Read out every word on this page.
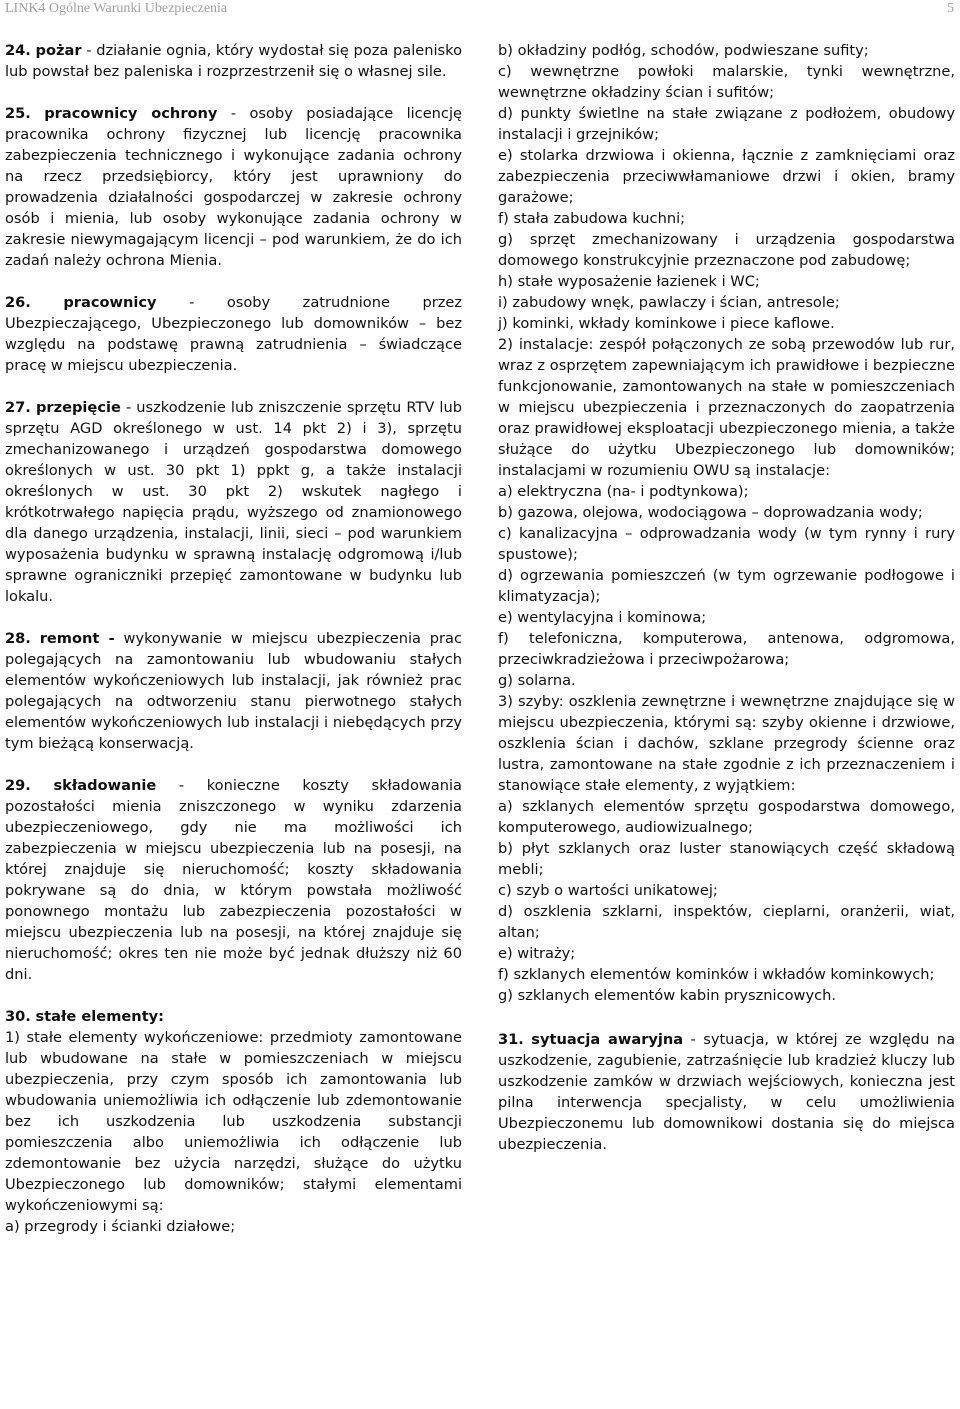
LINK4 Ogólne Warunki Ubezpieczenia	5

24. pożar - działanie ognia, który wydostał się poza palenisko lub powstał bez paleniska i rozprzestrzenił się o własnej sile.

25. pracownicy ochrony - osoby posiadające licencję pracownika ochrony fizycznej lub licencję pracownika zabezpieczenia technicznego i wykonujące zadania ochrony na rzecz przedsiębiorcy, który jest uprawniony do prowadzenia działalności gospodarczej w zakresie ochrony osób i mienia, lub osoby wykonujące zadania ochrony w zakresie niewymagającym licencji – pod warunkiem, że do ich zadań należy ochrona Mienia.

26. pracownicy - osoby zatrudnione przez Ubezpieczającego, Ubezpieczonego lub domowników – bez względu na podstawę prawną zatrudnienia – świadczące pracę w miejscu ubezpieczenia.

27. przepięcie - uszkodzenie lub zniszczenie sprzętu RTV lub sprzętu AGD określonego w ust. 14 pkt 2) i 3), sprzętu zmechanizowanego i urządzeń gospodarstwa domowego określonych w ust. 30 pkt 1) ppkt g, a także instalacji określonych w ust. 30 pkt 2) wskutek nagłego i krótkotrwałego napięcia prądu, wyższego od znamionowego dla danego urządzenia, instalacji, linii, sieci – pod warunkiem wyposażenia budynku w sprawną instalację odgromową i/lub sprawne ograniczniki przepięć zamontowane w budynku lub lokalu.

28. remont - wykonywanie w miejscu ubezpieczenia prac polegających na zamontowaniu lub wbudowaniu stałych elementów wykończeniowych lub instalacji, jak również prac polegających na odtworzeniu stanu pierwotnego stałych elementów wykończeniowych lub instalacji i niebędących przy tym bieżącą konserwacją.

29. składowanie - konieczne koszty składowania pozostałości mienia zniszczonego w wyniku zdarzenia ubezpieczeniowego, gdy nie ma możliwości ich zabezpieczenia w miejscu ubezpieczenia lub na posesji, na której znajduje się nieruchomość; koszty składowania pokrywane są do dnia, w którym powstała możliwość ponownego montażu lub zabezpieczenia pozostałości w miejscu ubezpieczenia lub na posesji, na której znajduje się nieruchomość; okres ten nie może być jednak dłuższy niż 60 dni.

30. stałe elementy:

1) stałe elementy wykończeniowe: przedmioty zamontowane lub wbudowane na stałe w pomieszczeniach w miejscu ubezpieczenia, przy czym sposób ich zamontowania lub wbudowania uniemożliwia ich odłączenie lub zdemontowanie bez ich uszkodzenia lub uszkodzenia substancji pomieszczenia albo uniemożliwia ich odłączenie lub zdemontowanie bez użycia narzędzi, służące do użytku Ubezpieczonego lub domowników; stałymi elementami wykończeniowymi są:

a) przegrody i ścianki działowe;

b) okładziny podłóg, schodów, podwieszane sufity;

c) wewnętrzne powłoki malarskie, tynki wewnętrzne, wewnętrzne okładziny ścian i sufitów;

d) punkty świetlne na stałe związane z podłożem, obudowy instalacji i grzejników;

e) stolarka drzwiowa i okienna, łącznie z zamknięciami oraz zabezpieczenia przeciwwłamaniowe drzwi i okien, bramy garażowe;

f) stała zabudowa kuchni;

g) sprzęt zmechanizowany i urządzenia gospodarstwa domowego konstrukcyjnie przeznaczone pod zabudowę;

h) stałe wyposażenie łazienek i WC;

i) zabudowy wnęk, pawlaczy i ścian, antresole;

j) kominki, wkłady kominkowe i piece kaflowe.

2) instalacje: zespół połączonych ze sobą przewodów lub rur, wraz z osprzętem zapewniającym ich prawidłowe i bezpieczne funkcjonowanie, zamontowanych na stałe w pomieszczeniach w miejscu ubezpieczenia i przeznaczonych do zaopatrzenia oraz prawidłowej eksploatacji ubezpieczonego mienia, a także służące do użytku Ubezpieczonego lub domowników; instalacjami w rozumieniu OWU są instalacje:

a) elektryczna (na- i podtynkowa);

b) gazowa, olejowa, wodociągowa – doprowadzania wody;

c) kanalizacyjna – odprowadzania wody (w tym rynny i rury spustowe);

d) ogrzewania pomieszczeń (w tym ogrzewanie podłogowe i klimatyzacja);

e) wentylacyjna i kominowa;

f) telefoniczna, komputerowa, antenowa, odgromowa, przeciwkradzieżowa i przeciwpożarowa;

g) solarna.

3) szyby: oszklenia zewnętrzne i wewnętrzne znajdujące się w miejscu ubezpieczenia, którymi są: szyby okienne i drzwiowe, oszklenia ścian i dachów, szklane przegrody ścienne oraz lustra, zamontowane na stałe zgodnie z ich przeznaczeniem i stanowiące stałe elementy, z wyjątkiem:

a) szklanych elementów sprzętu gospodarstwa domowego, komputerowego, audiowizualnego;

b) płyt szklanych oraz luster stanowiących część składową mebli;

c) szyb o wartości unikatowej;

d) oszklenia szklarni, inspektów, cieplarni, oranżerii, wiat, altan;

e) witraży;

f) szklanych elementów kominków i wkładów kominkowych;

g) szklanych elementów kabin prysznicowych.

31. sytuacja awaryjna - sytuacja, w której ze względu na uszkodzenie, zagubienie, zatrzaśnięcie lub kradzież kluczy lub uszkodzenie zamków w drzwiach wejściowych, konieczna jest pilna interwencja specjalisty, w celu umożliwienia Ubezpieczonemu lub domownikowi dostania się do miejsca ubezpieczenia.
